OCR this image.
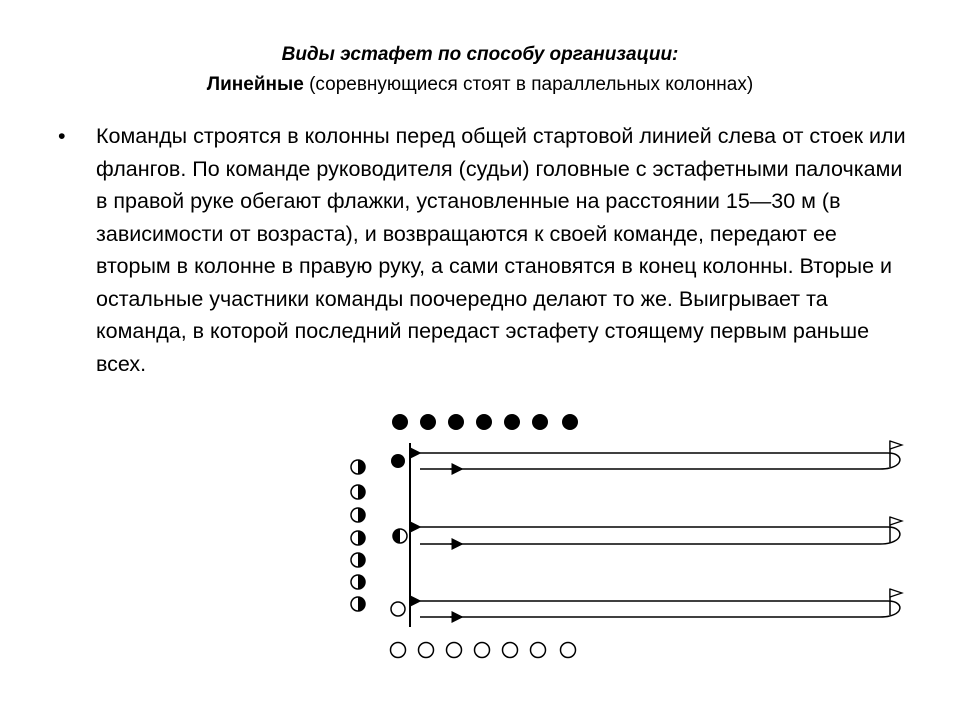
Виды эстафет по способу организации:
Линейные (соревнующиеся стоят в параллельных колоннах)
•	Команды строятся в колонны перед общей стартовой линией слева от стоек или флангов. По команде руководителя (судьи) головные с эстафетными палочками в правой руке обегают флажки, установленные на расстоянии 15—30 м (в зависимости от возраста), и возвращаются к своей команде, передают ее вторым в колонне в правую руку, а сами становятся в конец колонны. Вторые и остальные участники команды поочередно делают то же. Выигрывает та команда, в которой последний передаст эстафету стоящему первым раньше всех.
